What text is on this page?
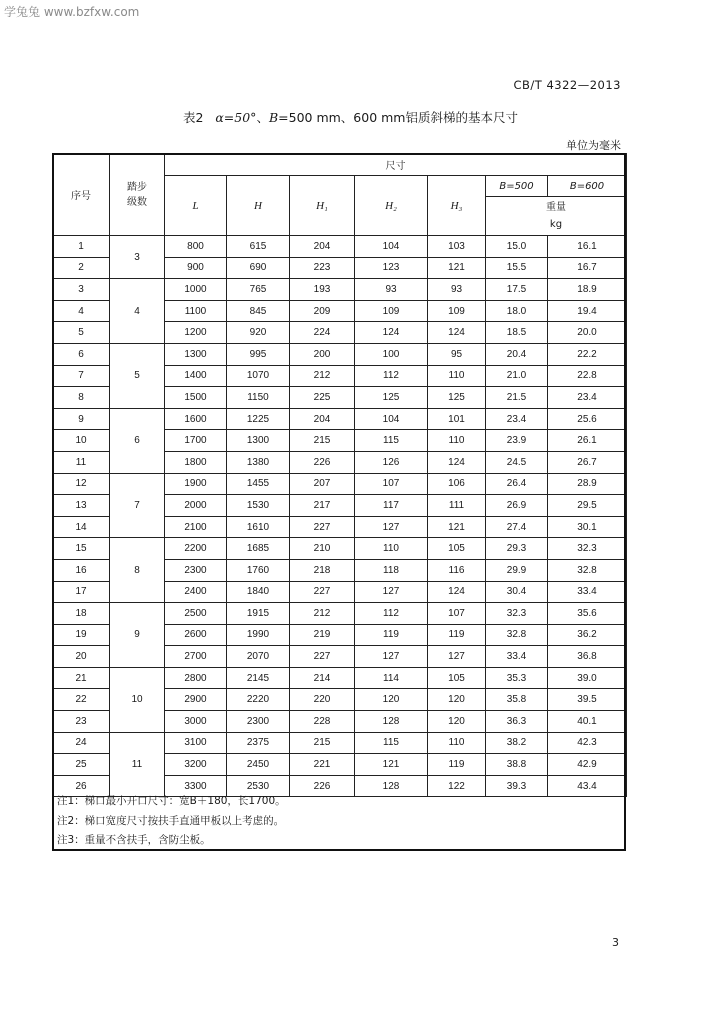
学兔兔 www.bzfxw.com
CB/T 4322—2013
表2 α=50°、B=500 mm、600 mm铝质斜梯的基本尺寸
单位为毫米
序号	踏步级数	尺寸						
		L	H	H₁	H₂	H₃	B=500	B=600

							重量
kg	

1	3	800	615	204	104	103	15.0	16.1
2		900	690	223	123	121	15.5	16.7
3	4	1000	765	193	93	93	17.5	18.9
4		1100	845	209	109	109	18.0	19.4
5		1200	920	224	124	124	18.5	20.0
6	5	1300	995	200	100	95	20.4	22.2
7		1400	1070	212	112	110	21.0	22.8
8		1500	1150	225	125	125	21.5	23.4
9	6	1600	1225	204	104	101	23.4	25.6
10		1700	1300	215	115	110	23.9	26.1
11		1800	1380	226	126	124	24.5	26.7
12	7	1900	1455	207	107	106	26.4	28.9
13		2000	1530	217	117	111	26.9	29.5
14		2100	1610	227	127	121	27.4	30.1
15	8	2200	1685	210	110	105	29.3	32.3
16		2300	1760	218	118	116	29.9	32.8
17		2400	1840	227	127	124	30.4	33.4
18	9	2500	1915	212	112	107	32.3	35.6
19		2600	1990	219	119	119	32.8	36.2
20		2700	2070	227	127	127	33.4	36.8
21	10	2800	2145	214	114	105	35.3	39.0
22		2900	2220	220	120	120	35.8	39.5
23		3000	2300	228	128	120	36.3	40.1
24	11	3100	2375	215	115	110	38.2	42.3
25		3200	2450	221	121	119	38.8	42.9
26		3300	2530	226	128	122	39.3	43.4
注1：梯口最小开口尺寸：宽B＋180，长1700。
注2：梯口宽度尺寸按扶手直通甲板以上考虑的。
注3：重量不含扶手，含防尘板。
3
